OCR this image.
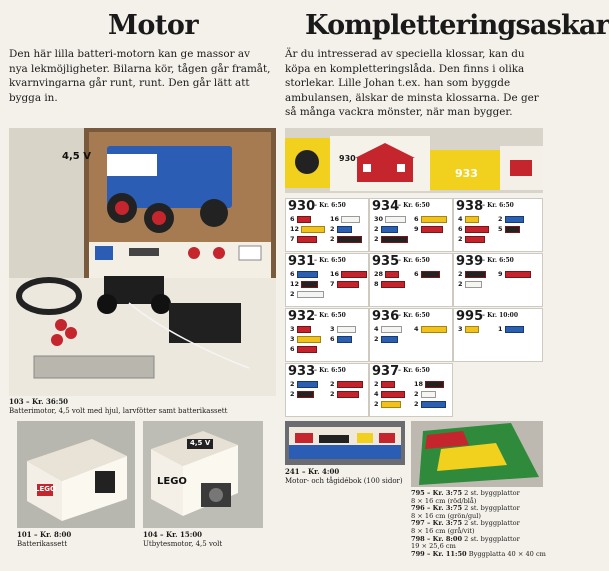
Motor
Den här lilla batteri-motorn kan ge massor av nya lekmöjligheter. Bilarna kör, tågen går framåt, kvarnvingarna går runt, runt. Den går lätt att bygga in.
4,5 V
103 – Kr. 36:50
Batterimotor, 4,5 volt med hjul, larvfötter samt batterikassett
LEGO
101 – Kr. 8:00
Batterikassett
LEGO
4,5 V
104 – Kr. 15:00
Utbytesmotor, 4,5 volt
Kompletteringsaskar
Är du intresserad av speciella klossar, kan du köpa en kompletteringslåda. Den finns i olika storlekar. Lille Johan t.ex. han som byggde ambulansen, älskar de minsta klossarna. De ger så många vackra mönster, när man bygger.
930
933
930
– Kr. 6:50
6	16
12	2
7	2
934
– Kr. 6:50
30	6
2	9
2
938
– Kr. 6:50
4	2
6	5
2
931
– Kr. 6:50
6	16
12	7
2
935
– Kr. 6:50
28	6
8
939
– Kr. 6:50
2	9
2
932
– Kr. 6:50
3	3
3	6
6
936
– Kr. 6:50
4	4
2
995
– Kr. 10:00
3	1
933
– Kr. 6:50
2	2
2	2
937
– Kr. 6:50
2	18
4	2
2	2
241 – Kr. 4:00
Motor- och tågidébok (100 sidor)
795 – Kr. 3:75 2 st. byggplattor
8 × 16 cm (röd/blå)
796 – Kr. 3:75 2 st. byggplattor
8 × 16 cm (grön/gul)
797 – Kr. 3:75 2 st. byggplattor
8 × 16 cm (grå/vit)
798 – Kr. 8:00 2 st. byggplattor
19 × 25,6 cm
799 – Kr. 11:50 Byggplatta 40 × 40 cm
